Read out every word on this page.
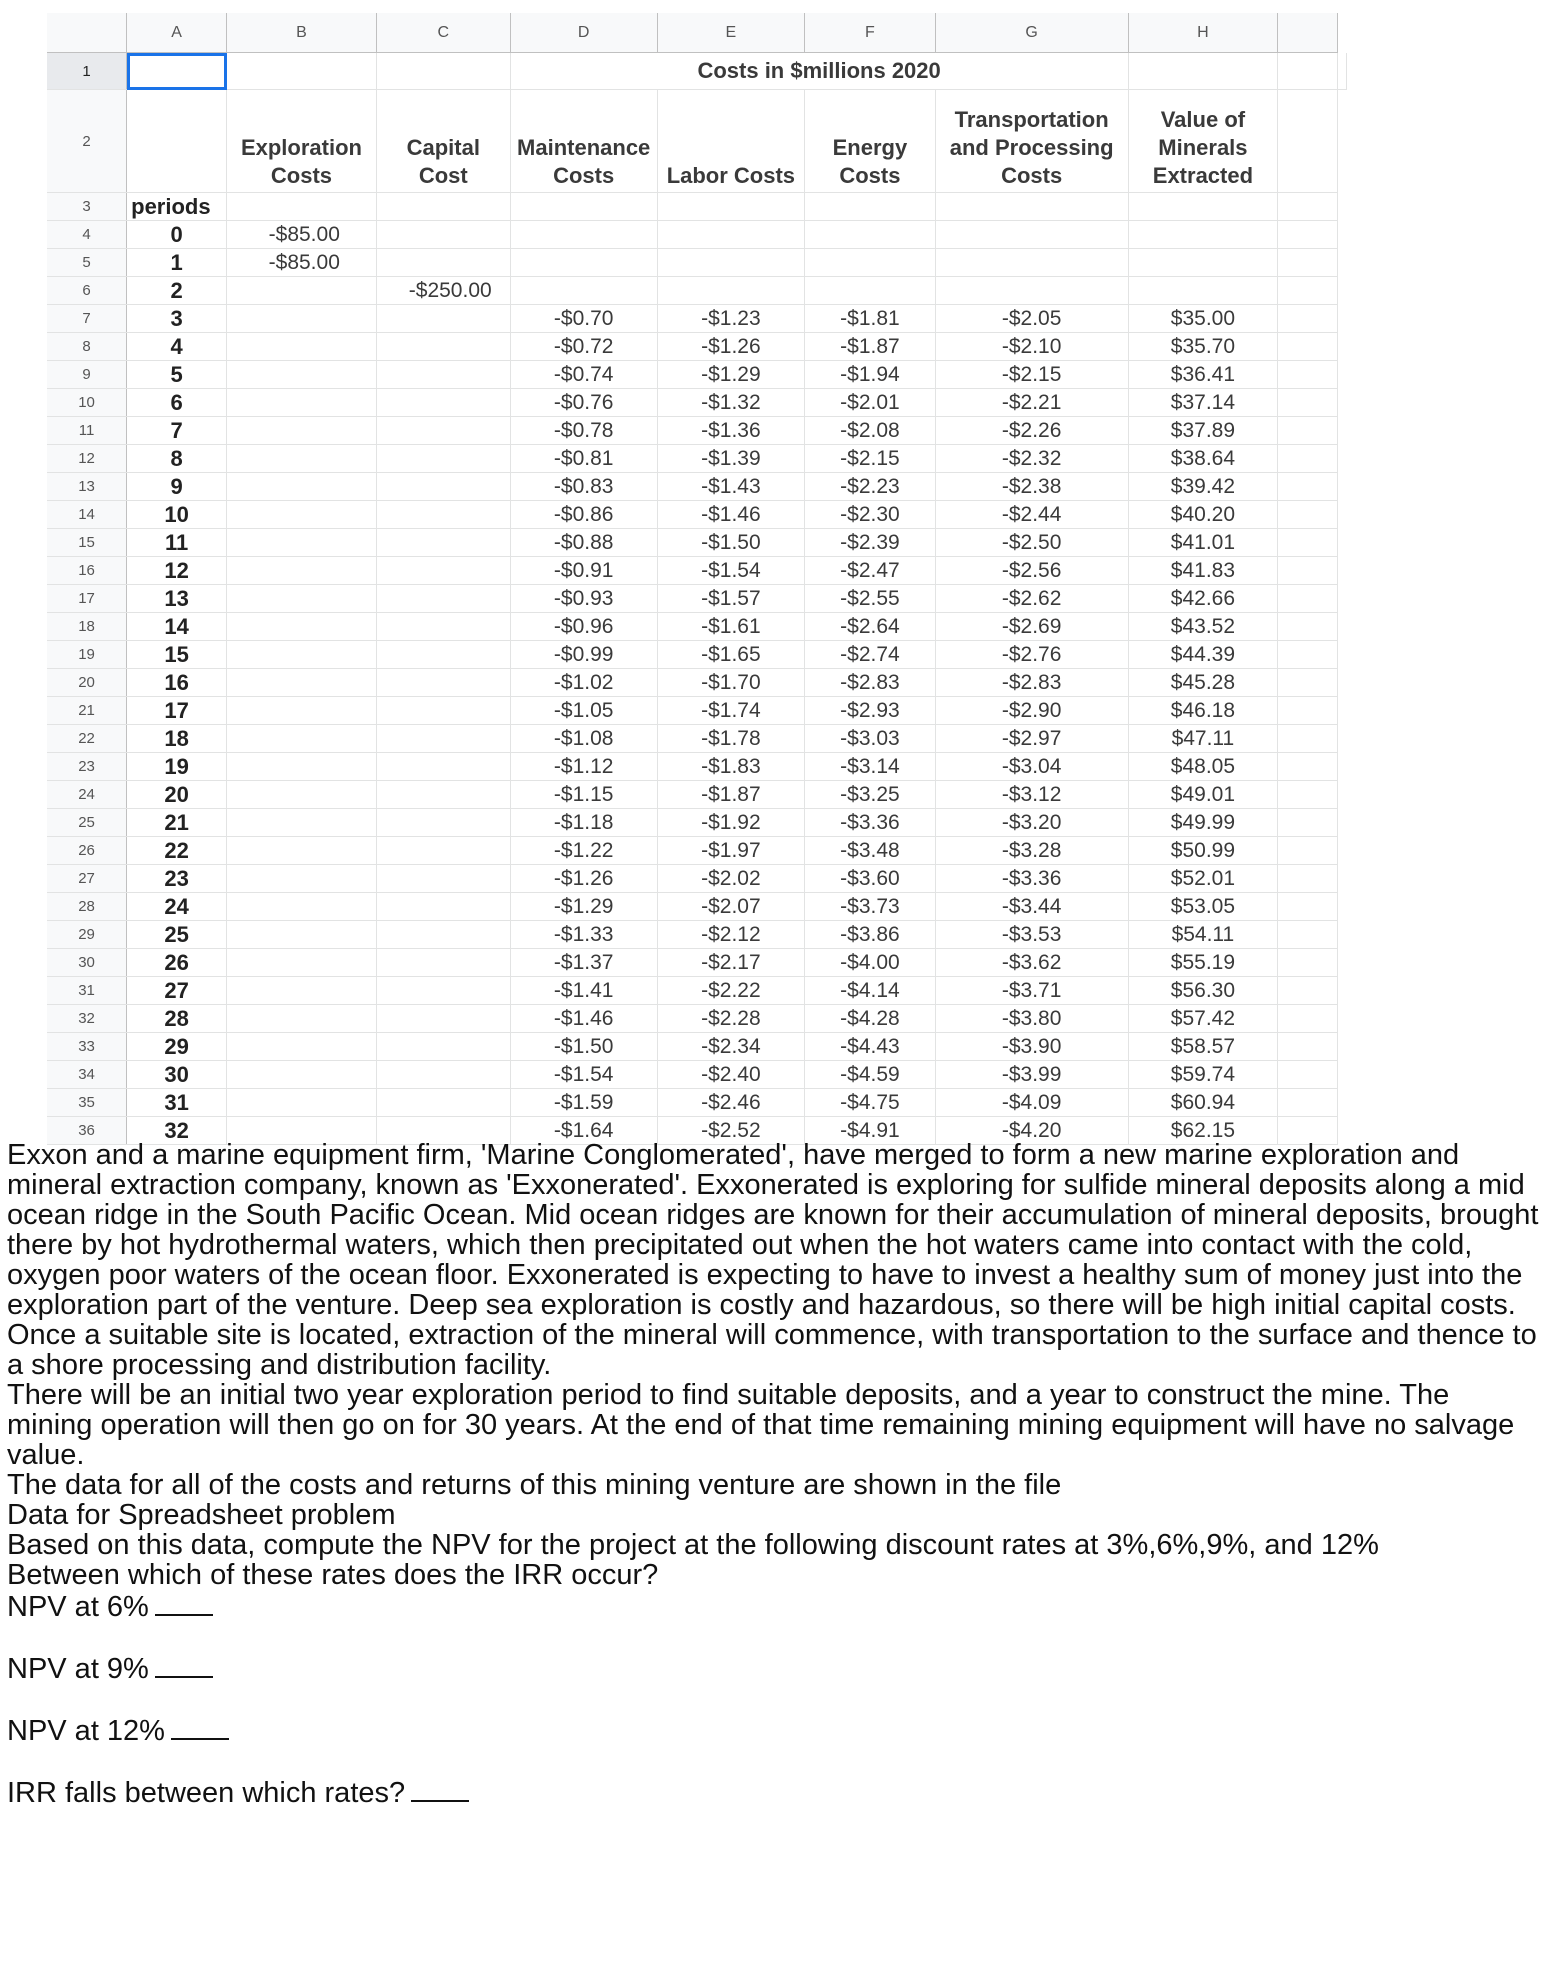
	A	B	C	D	E	F	G	H		
1				Costs in $millions 2020						
2		Exploration Costs	Capital Cost	Maintenance Costs	Labor Costs	Energy Costs	Transportation and Processing Costs	Value of Minerals Extracted		
3	periods									
4	0	-$85.00								
5	1	-$85.00								
6	2		-$250.00							
7	3			-$0.70	-$1.23	-$1.81	-$2.05	$35.00		
8	4			-$0.72	-$1.26	-$1.87	-$2.10	$35.70		
9	5			-$0.74	-$1.29	-$1.94	-$2.15	$36.41		
10	6			-$0.76	-$1.32	-$2.01	-$2.21	$37.14		
11	7			-$0.78	-$1.36	-$2.08	-$2.26	$37.89		
12	8			-$0.81	-$1.39	-$2.15	-$2.32	$38.64		
13	9			-$0.83	-$1.43	-$2.23	-$2.38	$39.42		
14	10			-$0.86	-$1.46	-$2.30	-$2.44	$40.20		
15	11			-$0.88	-$1.50	-$2.39	-$2.50	$41.01		
16	12			-$0.91	-$1.54	-$2.47	-$2.56	$41.83		
17	13			-$0.93	-$1.57	-$2.55	-$2.62	$42.66		
18	14			-$0.96	-$1.61	-$2.64	-$2.69	$43.52		
19	15			-$0.99	-$1.65	-$2.74	-$2.76	$44.39		
20	16			-$1.02	-$1.70	-$2.83	-$2.83	$45.28		
21	17			-$1.05	-$1.74	-$2.93	-$2.90	$46.18		
22	18			-$1.08	-$1.78	-$3.03	-$2.97	$47.11		
23	19			-$1.12	-$1.83	-$3.14	-$3.04	$48.05		
24	20			-$1.15	-$1.87	-$3.25	-$3.12	$49.01		
25	21			-$1.18	-$1.92	-$3.36	-$3.20	$49.99		
26	22			-$1.22	-$1.97	-$3.48	-$3.28	$50.99		
27	23			-$1.26	-$2.02	-$3.60	-$3.36	$52.01		
28	24			-$1.29	-$2.07	-$3.73	-$3.44	$53.05		
29	25			-$1.33	-$2.12	-$3.86	-$3.53	$54.11		
30	26			-$1.37	-$2.17	-$4.00	-$3.62	$55.19		
31	27			-$1.41	-$2.22	-$4.14	-$3.71	$56.30		
32	28			-$1.46	-$2.28	-$4.28	-$3.80	$57.42		
33	29			-$1.50	-$2.34	-$4.43	-$3.90	$58.57		
34	30			-$1.54	-$2.40	-$4.59	-$3.99	$59.74		
35	31			-$1.59	-$2.46	-$4.75	-$4.09	$60.94		
36	32			-$1.64	-$2.52	-$4.91	-$4.20	$62.15		

Exxon and a marine equipment firm, 'Marine Conglomerated', have merged to form a new marine exploration and mineral extraction company, known as 'Exxonerated'. Exxonerated is exploring for sulfide mineral deposits along a mid ocean ridge in the South Pacific Ocean. Mid ocean ridges are known for their accumulation of mineral deposits, brought there by hot hydrothermal waters, which then precipitated out when the hot waters came into contact with the cold, oxygen poor waters of the ocean floor. Exxonerated is expecting to have to invest a healthy sum of money just into the exploration part of the venture. Deep sea exploration is costly and hazardous, so there will be high initial capital costs.

Once a suitable site is located, extraction of the mineral will commence, with transportation to the surface and thence to a shore processing and distribution facility.

There will be an initial two year exploration period to find suitable deposits, and a year to construct the mine. The mining operation will then go on for 30 years. At the end of that time remaining mining equipment will have no salvage value.

The data for all of the costs and returns of this mining venture are shown in the file

Data for Spreadsheet problem

Based on this data, compute the NPV for the project at the following discount rates at 3%,6%,9%, and 12%

Between which of these rates does the IRR occur?

NPV at 6%

NPV at 9%

NPV at 12%

IRR falls between which rates?
